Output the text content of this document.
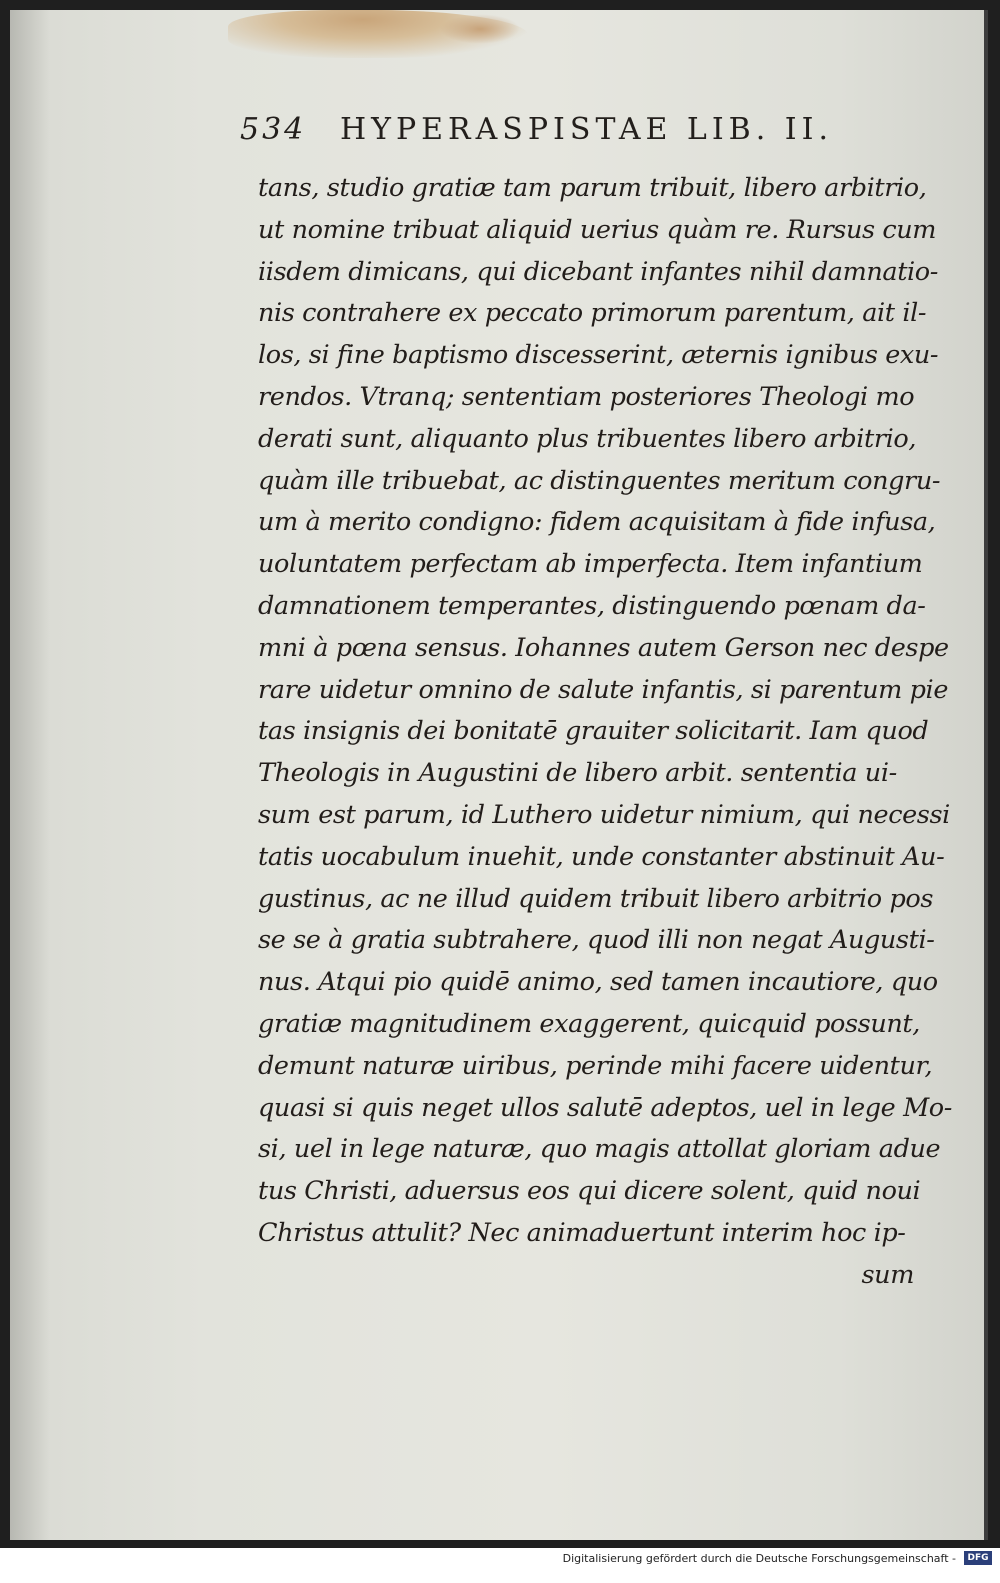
534 HYPERASPISTAE LIB. II.
tans, studio gratiæ tam parum tribuit, libero arbitrio,
ut nomine tribuat aliquid uerius quàm re. Rursus cum
iisdem dimicans, qui dicebant infantes nihil damnatio-
nis contrahere ex peccato primorum parentum, ait il-
los, si fine baptismo discesserint, æternis ignibus exu-
rendos. Vtranq; sententiam posteriores Theologi mo
derati sunt, aliquanto plus tribuentes libero arbitrio,
quàm ille tribuebat, ac distinguentes meritum congru-
um à merito condigno: fidem acquisitam à fide infusa,
uoluntatem perfectam ab imperfecta. Item infantium
damnationem temperantes, distinguendo pœnam da-
mni à pœna sensus. Iohannes autem Gerson nec despe
rare uidetur omnino de salute infantis, si parentum pie
tas insignis dei bonitatē grauiter solicitarit. Iam quod
Theologis in Augustini de libero arbit. sententia ui-
sum est parum, id Luthero uidetur nimium, qui necessi
tatis uocabulum inuehit, unde constanter abstinuit Au-
gustinus, ac ne illud quidem tribuit libero arbitrio pos
se se à gratia subtrahere, quod illi non negat Augusti-
nus. Atqui pio quidē animo, sed tamen incautiore, quo
gratiæ magnitudinem exaggerent, quicquid possunt,
demunt naturæ uiribus, perinde mihi facere uidentur,
quasi si quis neget ullos salutē adeptos, uel in lege Mo-
si, uel in lege naturæ, quo magis attollat gloriam adue
tus Christi, aduersus eos qui dicere solent, quid noui
Christus attulit? Nec animaduertunt interim hoc ip-
sum
Digitalisierung gefördert durch die Deutsche Forschungsgemeinschaft -	DFG
